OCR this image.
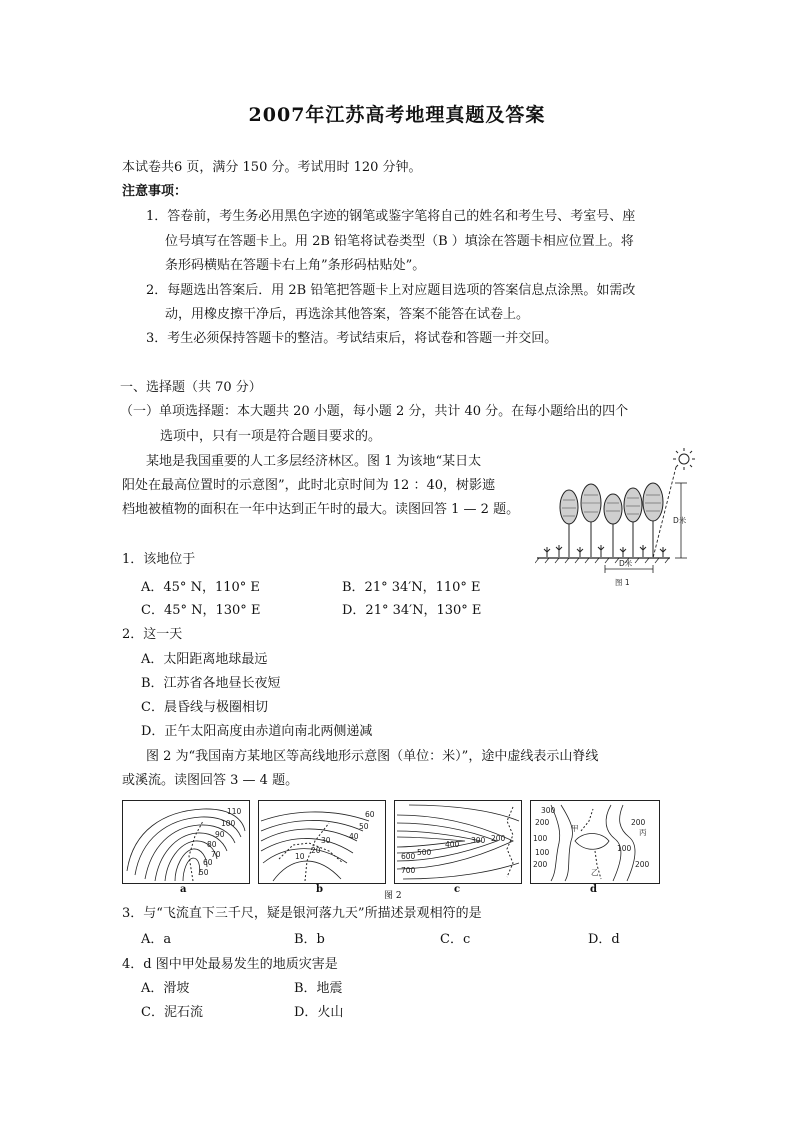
2007年江苏高考地理真题及答案
本试卷共6 页，满分 150 分。考试用时 120 分钟。
注意事项：
1．答卷前，考生务必用黑色字迹的钢笔或鉴字笔将自己的姓名和考生号、考室号、座
位号填写在答题卡上。用 2B 铅笔将试卷类型（B ）填涂在答题卡相应位置上。将
条形码横贴在答题卡右上角”条形码枯贴处”。
2．每题选出答案后．用 2B 铅笔把答题卡上对应题目选项的答案信息点涂黑。如需改
动，用橡皮擦干净后，再选涂其他答案，答案不能答在试卷上。
3．考生必须保持答题卡的整洁。考试结束后，将试卷和答题一并交回。
一、选择题（共 70 分）
（一）单项选择题：本大题共 20 小题，每小题 2 分，共计 40 分。在每小题给出的四个
选项中，只有一项是符合题目要求的。
某地是我国重要的人工多层经济林区。图 1 为该地“某日太
阳处在最高位置时的示意图”，此时北京时间为 12 ：40，树影遮
档地被植物的面积在一年中达到正午时的最大。读图回答 1 — 2 题。
D米
D米
图 1
1．该地位于
A．45° N，110° E	B．21° 34′N，110° E
C．45° N，130° E	D．21° 34′N，130° E
2．这一天
A．太阳距离地球最远
B．江苏省各地昼长夜短
C．晨昏线与极圈相切
D．正午太阳高度由赤道向南北两侧递减
图 2 为“我国南方某地区等高线地形示意图（单位：米）”，途中虚线表示山脊线
或溪流。读图回答 3 — 4 题。
110
100
90
80
70
60
50
a
60
50
40
30
20
10
b
500
400 300 200
600
700
c
300
200
100
200
100
100
200	200
甲	丙
乙
d
图 2
3．与“飞流直下三千尺，疑是银河落九天”所描述景观相符的是
A．a	B．b	C．c	D．d
4．d 图中甲处最易发生的地质灾害是
A．滑坡	B．地震
C．泥石流	D．火山
